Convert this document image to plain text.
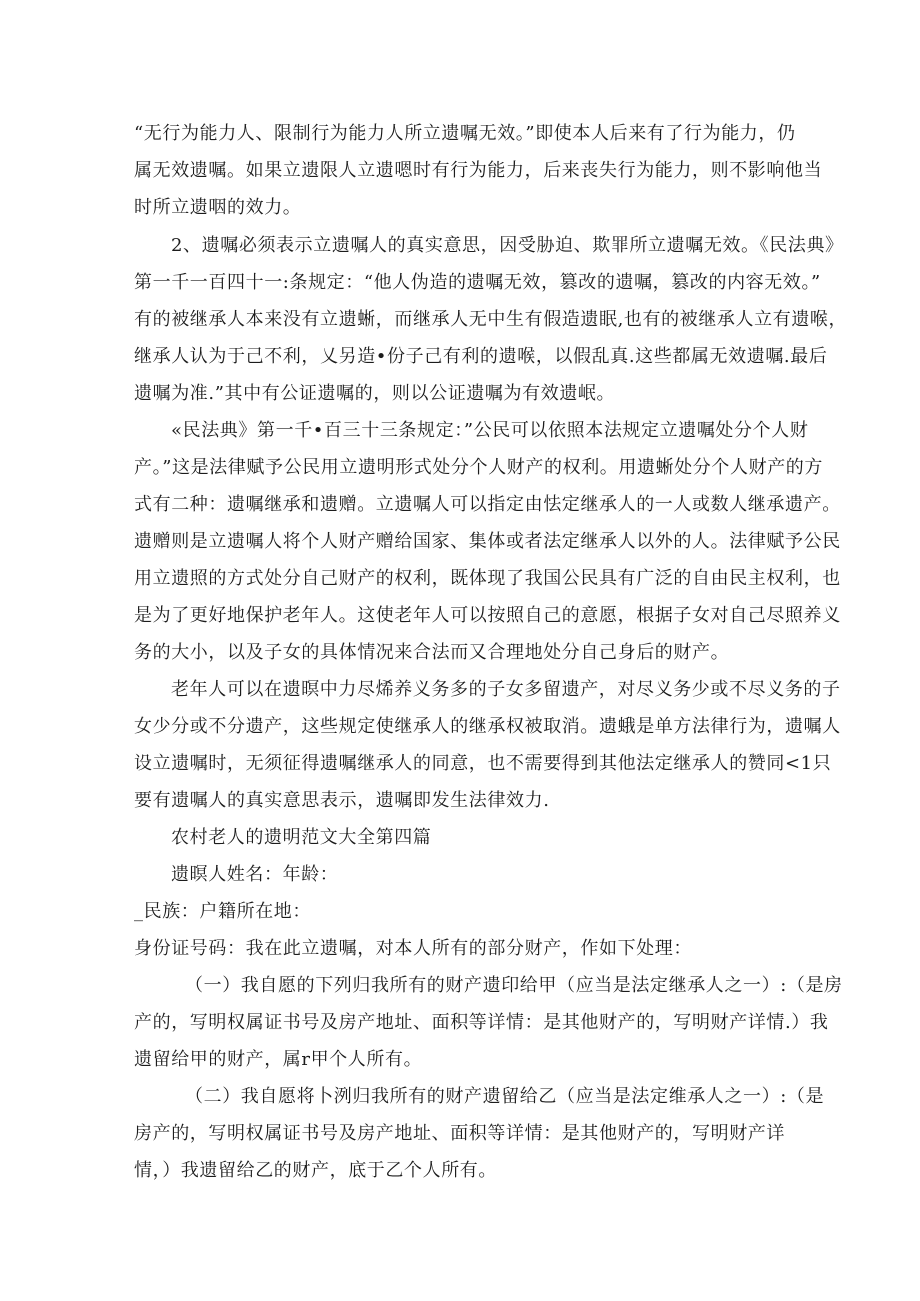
“无行为能力人、限制行为能力人所立遗嘱无效。”即使本人后来有了行为能力，仍
属无效遗嘱。如果立遗限人立遗嗯时有行为能力，后来丧失行为能力，则不影响他当
时所立遗咽的效力。
2、遗嘱必须表示立遗嘱人的真实意思，因受胁迫、欺罪所立遗嘱无效。《民法典》
第一千一百四十一:条规定：“他人伪造的遗嘱无效，篡改的遗嘱，篡改的内容无效。”
有的被继承人本来没有立遗蜥，而继承人无中生有假造遗眠,也有的被继承人立有遗喉，
继承人认为于己不利，乂另造•份子己有利的遗喉，以假乱真.这些都属无效遗嘱.最后
遗嘱为准.”其中有公证遗嘱的，则以公证遗嘱为有效遗岷。
«民法典》第一千•百三十三条规定：”公民可以依照本法规定立遗嘱处分个人财
产。”这是法律赋予公民用立遗明形式处分个人财产的权利。用遗蜥处分个人财产的方
式有二种：遗嘱继承和遗赠。立遗嘱人可以指定由怯定继承人的一人或数人继承遗产。
遗赠则是立遗嘱人将个人财产赠给国家、集体或者法定继承人以外的人。法律赋予公民
用立遗照的方式处分自己财产的权利，既体现了我国公民具有广泛的自由民主权利，也
是为了更好地保护老年人。这使老年人可以按照自己的意愿，根据子女对自己尽照养义
务的大小，以及子女的具体情况来合法而又合理地处分自己身后的财产。
老年人可以在遗暝中力尽烯养义务多的子女多留遗产，对尽义务少或不尽义务的子
女少分或不分遗产，这些规定使继承人的继承权被取消。遗蛾是单方法律行为，遗嘱人
设立遗嘱时，无须征得遗嘱继承人的同意，也不需要得到其他法定继承人的赞同<1只
要有遗嘱人的真实意思表示，遗嘱即发生法律效力.
农村老人的遗明范文大全第四篇
遗暝人姓名：年龄：
_民族：户籍所在地：
身份证号码：我在此立遗嘱，对本人所有的部分财产，作如下处理：
（一）我自愿的下列归我所有的财产遗印给甲（应当是法定继承人之一）:（是房
产的，写明权属证书号及房产地址、面积等详情：是其他财产的，写明财产详情.）我
遗留给甲的财产，属r甲个人所有。
（二）我自愿将卜洌归我所有的财产遗留给乙（应当是法定维承人之一）:（是
房产的，写明权属证书号及房产地址、面积等详情：是其他财产的，写明财产详
情，）我遗留给乙的财产，底于乙个人所有。
